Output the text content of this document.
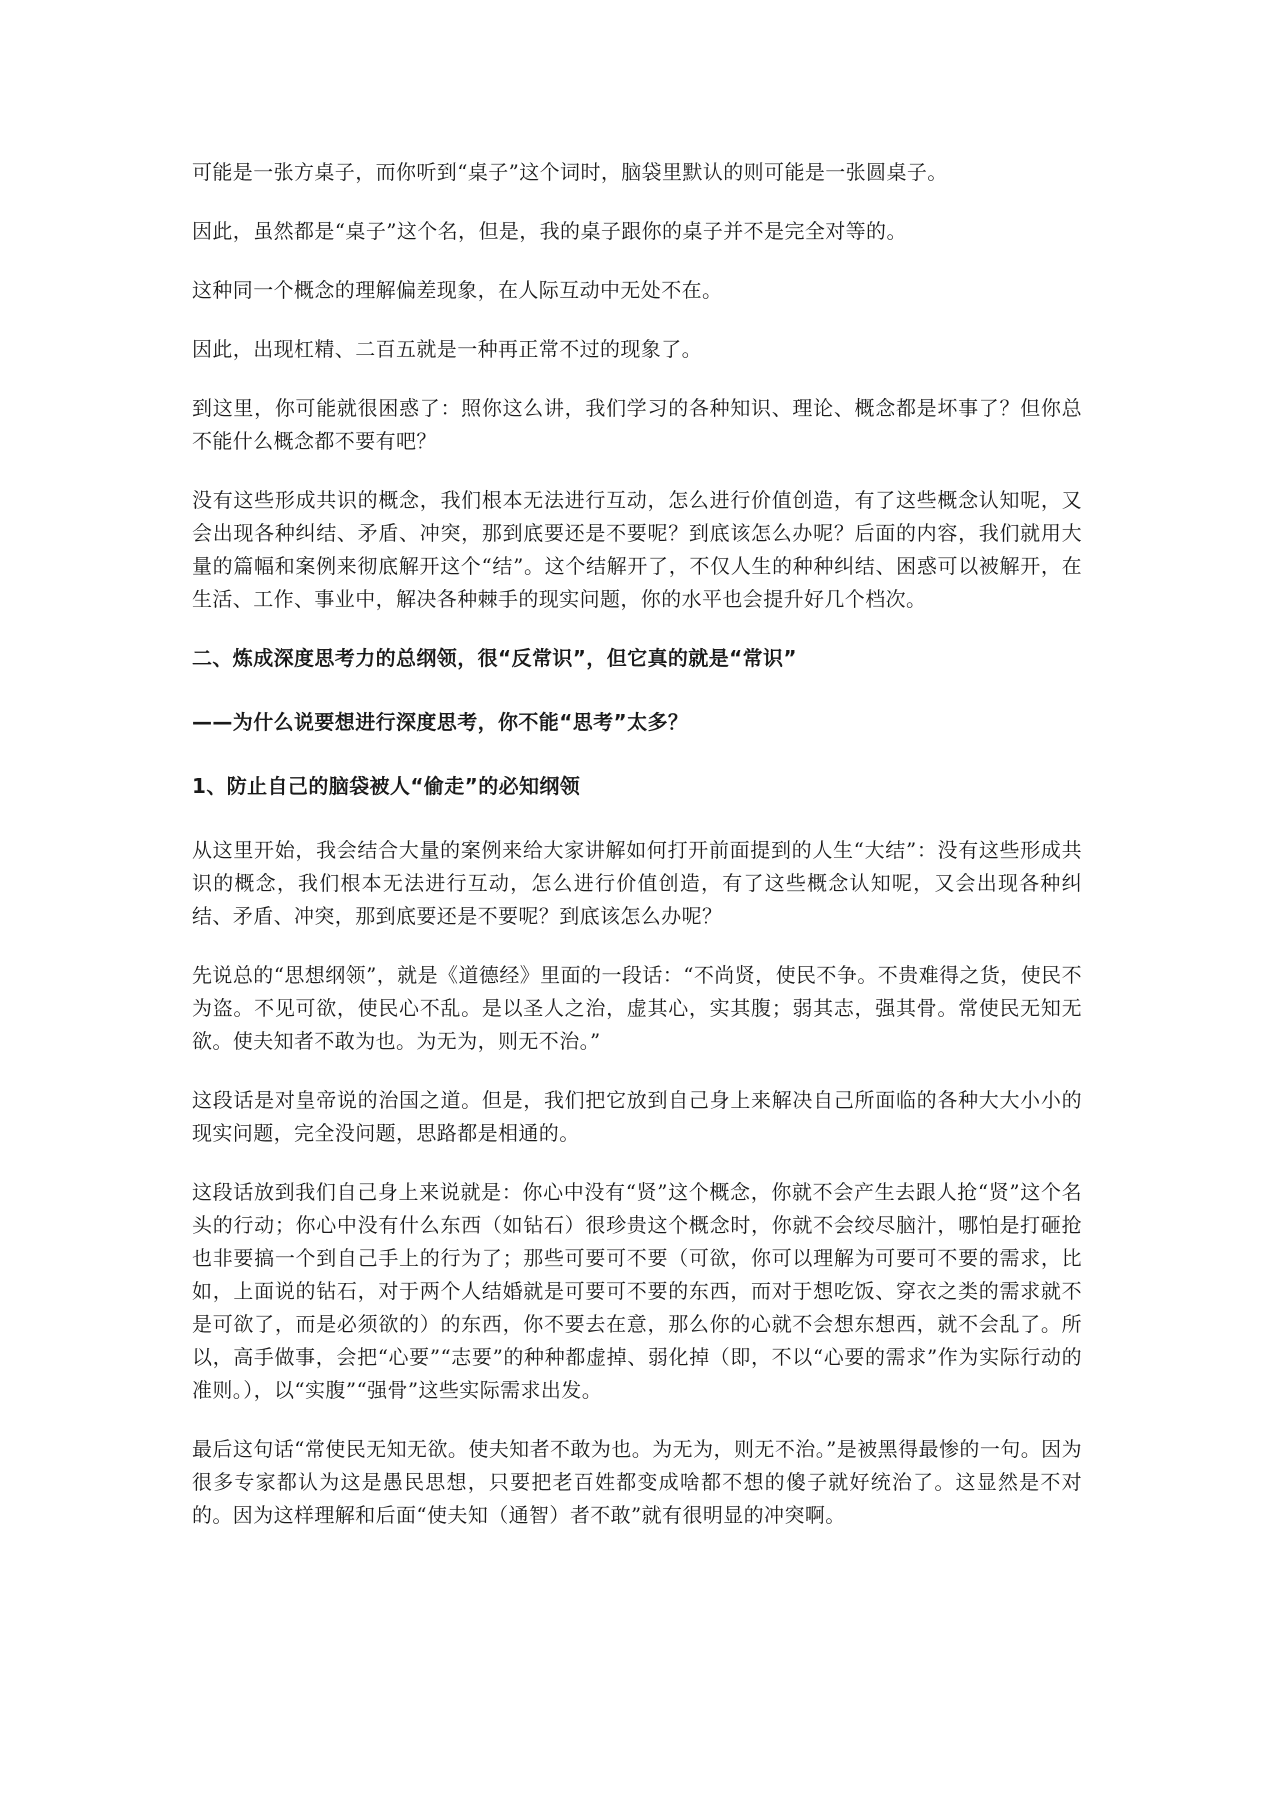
可能是一张方桌子，而你听到“桌子”这个词时，脑袋里默认的则可能是一张圆桌子。

因此，虽然都是“桌子”这个名，但是，我的桌子跟你的桌子并不是完全对等的。

这种同一个概念的理解偏差现象，在人际互动中无处不在。

因此，出现杠精、二百五就是一种再正常不过的现象了。

到这里，你可能就很困惑了：照你这么讲，我们学习的各种知识、理论、概念都是坏事了？但你总不能什么概念都不要有吧？

没有这些形成共识的概念，我们根本无法进行互动，怎么进行价值创造，有了这些概念认知呢，又会出现各种纠结、矛盾、冲突，那到底要还是不要呢？到底该怎么办呢？后面的内容，我们就用大量的篇幅和案例来彻底解开这个“结”。这个结解开了，不仅人生的种种纠结、困惑可以被解开，在生活、工作、事业中，解决各种棘手的现实问题，你的水平也会提升好几个档次。

二、炼成深度思考力的总纲领，很“反常识”，但它真的就是“常识”

——为什么说要想进行深度思考，你不能“思考”太多？

1、防止自己的脑袋被人“偷走”的必知纲领

从这里开始，我会结合大量的案例来给大家讲解如何打开前面提到的人生“大结”：没有这些形成共识的概念，我们根本无法进行互动，怎么进行价值创造，有了这些概念认知呢，又会出现各种纠结、矛盾、冲突，那到底要还是不要呢？到底该怎么办呢？

先说总的“思想纲领”，就是《道德经》里面的一段话：“不尚贤，使民不争。不贵难得之货，使民不为盗。不见可欲，使民心不乱。是以圣人之治，虚其心，实其腹；弱其志，强其骨。常使民无知无欲。使夫知者不敢为也。为无为，则无不治。”

这段话是对皇帝说的治国之道。但是，我们把它放到自己身上来解决自己所面临的各种大大小小的现实问题，完全没问题，思路都是相通的。

这段话放到我们自己身上来说就是：你心中没有“贤”这个概念，你就不会产生去跟人抢“贤”这个名头的行动；你心中没有什么东西（如钻石）很珍贵这个概念时，你就不会绞尽脑汁，哪怕是打砸抢也非要搞一个到自己手上的行为了；那些可要可不要（可欲，你可以理解为可要可不要的需求，比如，上面说的钻石，对于两个人结婚就是可要可不要的东西，而对于想吃饭、穿衣之类的需求就不是可欲了，而是必须欲的）的东西，你不要去在意，那么你的心就不会想东想西，就不会乱了。所以，高手做事，会把“心要”“志要”的种种都虚掉、弱化掉（即，不以“心要的需求”作为实际行动的准则。），以“实腹”“强骨”这些实际需求出发。

最后这句话“常使民无知无欲。使夫知者不敢为也。为无为，则无不治。”是被黑得最惨的一句。因为很多专家都认为这是愚民思想，只要把老百姓都变成啥都不想的傻子就好统治了。这显然是不对的。因为这样理解和后面“使夫知（通智）者不敢”就有很明显的冲突啊。
